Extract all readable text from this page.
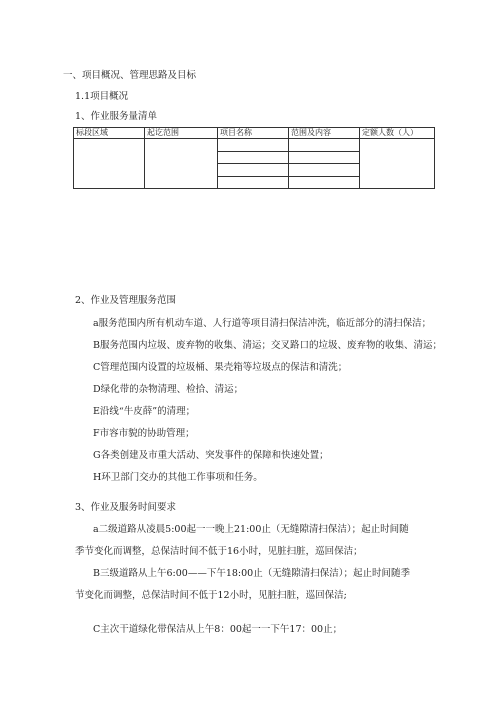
一、项目概况、管理思路及目标
1.1项目概况
1、作业服务量清单
标段区域	起讫范围	项目名称	范围及内容	定额人数（人）

2、作业及管理服务范围
a服务范围内所有机动车道、人行道等项目清扫保洁冲洗，临近部分的清扫保洁；
B服务范围内垃圾、废弃物的收集、清运；交叉路口的垃圾、废弃物的收集、清运；
C管理范围内设置的垃圾桶、果壳箱等垃圾点的保洁和清洗；
D绿化带的杂物清理、检拾、清运；
E沿线“牛皮薛”的清理；
F市容市貌的协助管理；
G各类创建及市重大活动、突发事件的保障和快速处置；
H环卫部门交办的其他工作事项和任务。
3、作业及服务时间要求
a二级道路从凌晨5:00起一一晚上21:00止（无缝隙清扫保洁）；起止时间随
季节变化而调整，总保洁时间不低于16小时，见脏扫脏，巡回保洁；
B三级道路从上午6:00——下午18:00止（无缝隙清扫保洁）；起止时间随季
节变化而调整，总保洁时间不低于12小时，见脏扫脏，巡回保洁;
C主次干道绿化带保洁从上午8：00起一一下午17：00止；
